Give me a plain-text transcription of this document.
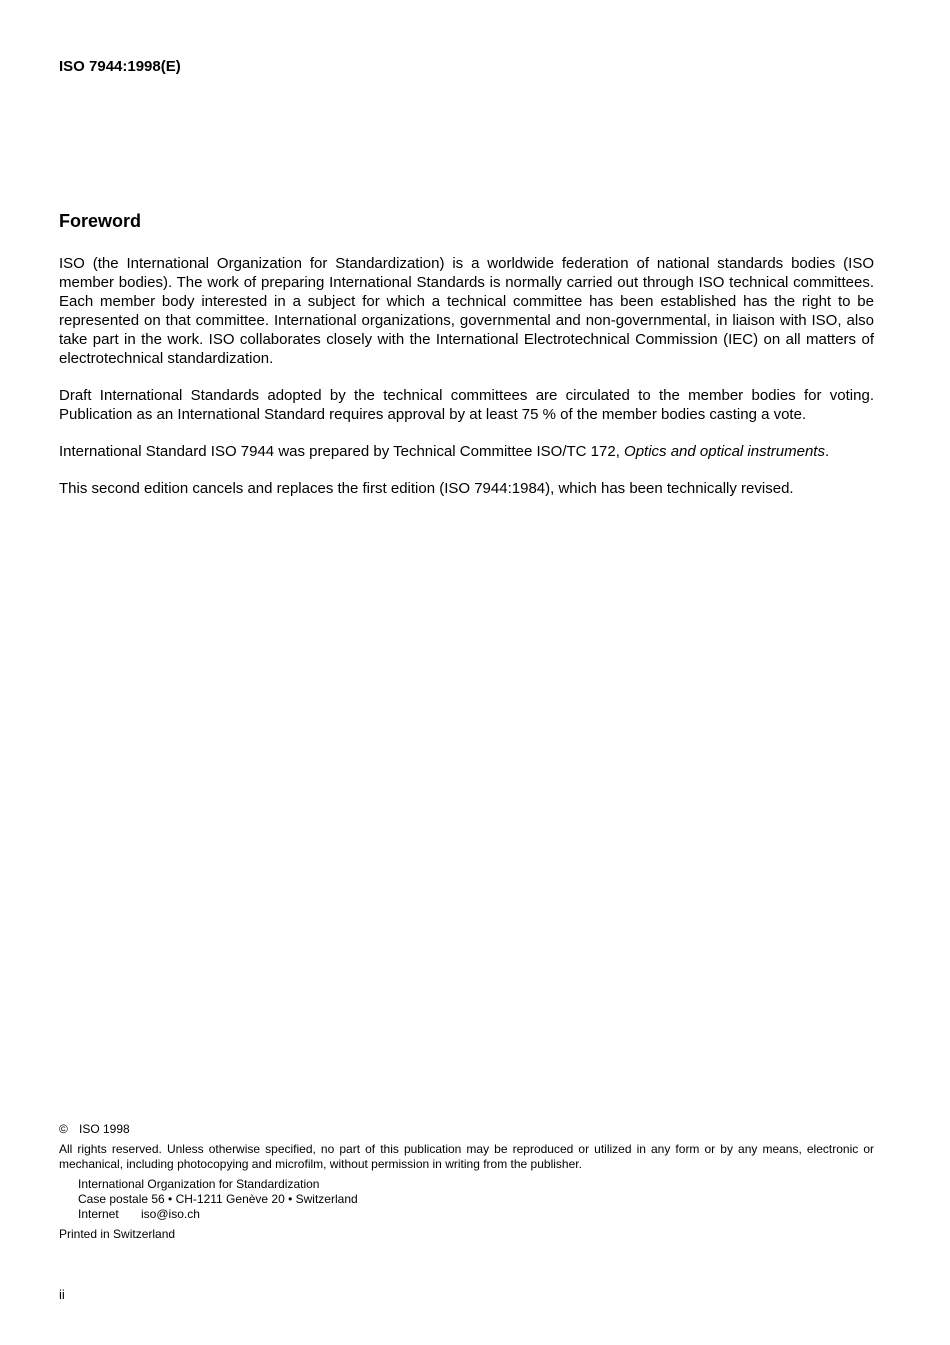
ISO 7944:1998(E)
Foreword

ISO (the International Organization for Standardization) is a worldwide federation of national standards bodies (ISO member bodies). The work of preparing International Standards is normally carried out through ISO technical committees. Each member body interested in a subject for which a technical committee has been established has the right to be represented on that committee. International organizations, governmental and non-governmental, in liaison with ISO, also take part in the work. ISO collaborates closely with the International Electrotechnical Commission (IEC) on all matters of electrotechnical standardization.

Draft International Standards adopted by the technical committees are circulated to the member bodies for voting. Publication as an International Standard requires approval by at least 75 % of the member bodies casting a vote.

International Standard ISO 7944 was prepared by Technical Committee ISO/TC 172, Optics and optical instruments.

This second edition cancels and replaces the first edition (ISO 7944:1984), which has been technically revised.

© ISO 1998
All rights reserved. Unless otherwise specified, no part of this publication may be reproduced or utilized in any form or by any means, electronic or mechanical, including photocopying and microfilm, without permission in writing from the publisher.
International Organization for Standardization
Case postale 56 • CH-1211 Genève 20 • Switzerland
Internet iso@iso.ch
Printed in Switzerland
ii
